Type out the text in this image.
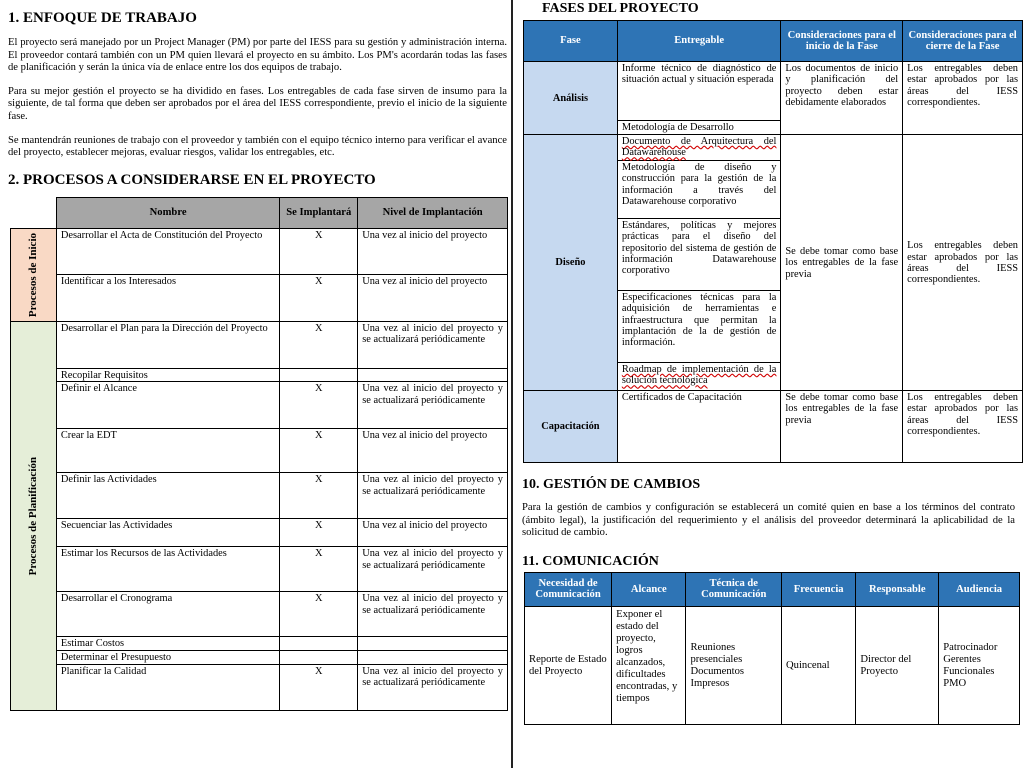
1. ENFOQUE DE TRABAJO

El proyecto será manejado por un Project Manager (PM) por parte del IESS para su gestión y administración interna. El proveedor contará también con un PM quien llevará el proyecto en su ámbito. Los PM's acordarán todas las fases de planificación y serán la única vía de enlace entre los dos equipos de trabajo.

Para su mejor gestión el proyecto se ha dividido en fases. Los entregables de cada fase sirven de insumo para la siguiente, de tal forma que deben ser aprobados por el área del IESS correspondiente, previo el inicio de la siguiente fase.

Se mantendrán reuniones de trabajo con el proveedor y también con el equipo técnico interno para verificar el avance del proyecto, establecer mejoras, evaluar riesgos, validar los entregables, etc.

2. PROCESOS A CONSIDERARSE EN EL PROYECTO
	Nombre	Se Implantará	Nivel de Implantación

Procesos de Inicio	Desarrollar el Acta de Constitución del Proyecto	X	Una vez al inicio del proyecto
	Identificar a los Interesados	X	Una vez al inicio del proyecto

Procesos de Planificación	Desarrollar el Plan para la Dirección del Proyecto	X	Una vez al inicio del proyecto y se actualizará periódicamente
	Recopilar Requisitos		
	Definir el Alcance	X	Una vez al inicio del proyecto y se actualizará periódicamente
	Crear la EDT	X	Una vez al inicio del proyecto
	Definir las Actividades	X	Una vez al inicio del proyecto y se actualizará periódicamente
	Secuenciar las Actividades	X	Una vez al inicio del proyecto
	Estimar los Recursos de las Actividades	X	Una vez al inicio del proyecto y se actualizará periódicamente
	Desarrollar el Cronograma	X	Una vez al inicio del proyecto y se actualizará periódicamente
	Estimar Costos		
	Determinar el Presupuesto		
	Planificar la Calidad	X	Una vez al inicio del proyecto y se actualizará periódicamente
FASES DEL PROYECTO
Fase	Entregable	Consideraciones para el inicio de la Fase	Consideraciones para el cierre de la Fase
Análisis	Informe técnico de diagnóstico de situación actual y situación esperada	Los documentos de inicio y planificación del proyecto deben estar debidamente elaborados	Los entregables deben estar aprobados por las áreas del IESS correspondientes.
	Metodología de Desarrollo		
Diseño	Documento de Arquitectura del Datawarehouse	Se debe tomar como base los entregables de la fase previa	Los entregables deben estar aprobados por las áreas del IESS correspondientes.
	Metodología de diseño y construcción para la gestión de la información a través del Datawarehouse corporativo		
	Estándares, políticas y mejores prácticas para el diseño del repositorio del sistema de gestión de información Datawarehouse corporativo		
	Especificaciones técnicas para la adquisición de herramientas e infraestructura que permitan la implantación de la de gestión de información.		
	Roadmap de implementación de la solución tecnológica		
Capacitación	Certificados de Capacitación	Se debe tomar como base los entregables de la fase previa	Los entregables deben estar aprobados por las áreas del IESS correspondientes.
10. GESTIÓN DE CAMBIOS

Para la gestión de cambios y configuración se establecerá un comité quien en base a los términos del contrato (ámbito legal), la justificación del requerimiento y el análisis del proveedor determinará la aplicabilidad de la solicitud de cambio.

11. COMUNICACIÓN
Necesidad de Comunicación	Alcance	Técnica de Comunicación	Frecuencia	Responsable	Audiencia
Reporte de Estado del Proyecto	Exponer el estado del proyecto, logros alcanzados, dificultades encontradas, y tiempos	Reuniones presenciales Documentos Impresos	Quincenal	Director del Proyecto	Patrocinador Gerentes Funcionales PMO
